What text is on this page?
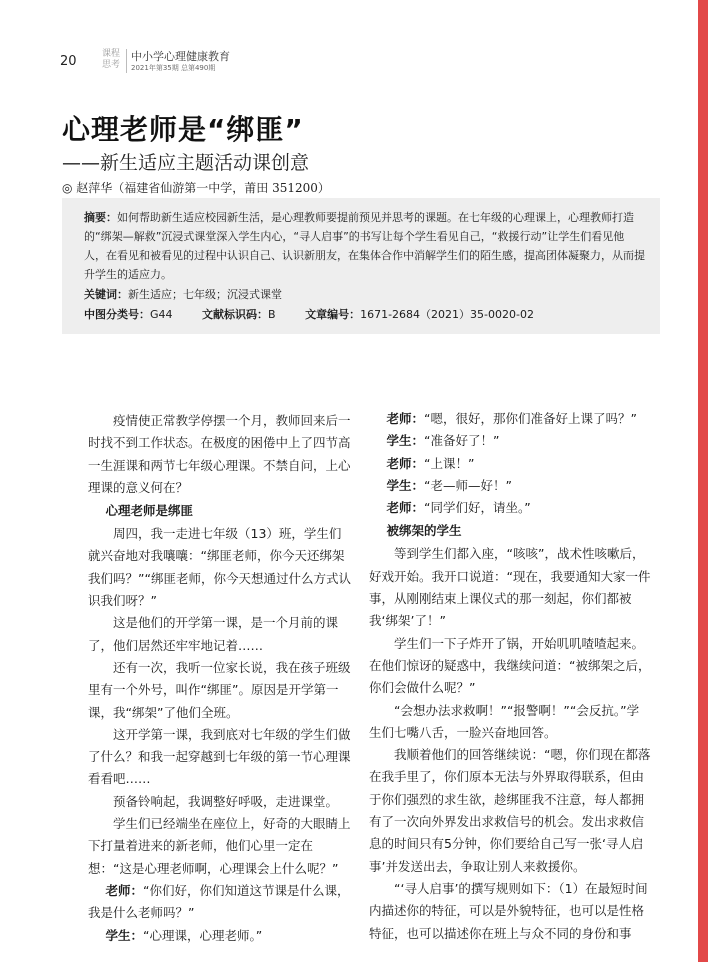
20	课程思考
中小学心理健康教育
2021年第35期 总第490期
心理老师是“绑匪”
——新生适应主题活动课创意
◎ 赵萍华（福建省仙游第一中学，莆田 351200）
摘要：如何帮助新生适应校园新生活，是心理教师要提前预见并思考的课题。在七年级的心理课上，心理教师打造的“绑架—解救”沉浸式课堂深入学生内心，“寻人启事”的书写让每个学生看见自己，“救援行动”让学生们看见他人，在看见和被看见的过程中认识自己、认识新朋友，在集体合作中消解学生们的陌生感，提高团体凝聚力，从而提升学生的适应力。
关键词：新生适应；七年级；沉浸式课堂
中图分类号：G44	文献标识码：B	文章编号：1671-2684（2021）35-0020-02

疫情使正常教学停摆一个月，教师回来后一时找不到工作状态。在极度的困倦中上了四节高一生涯课和两节七年级心理课。不禁自问，上心理课的意义何在？

心理老师是绑匪

周四，我一走进七年级（13）班，学生们就兴奋地对我嚷嚷：“绑匪老师，你今天还绑架我们吗？”“绑匪老师，你今天想通过什么方式认识我们呀？”

这是他们的开学第一课，是一个月前的课了，他们居然还牢牢地记着……

还有一次，我听一位家长说，我在孩子班级里有一个外号，叫作“绑匪”。原因是开学第一课，我“绑架”了他们全班。

这开学第一课，我到底对七年级的学生们做了什么？和我一起穿越到七年级的第一节心理课看看吧……

预备铃响起，我调整好呼吸，走进课堂。

学生们已经端坐在座位上，好奇的大眼睛上下打量着进来的新老师，他们心里一定在想：“这是心理老师啊，心理课会上什么呢？”

老师：“你们好，你们知道这节课是什么课，我是什么老师吗？”

学生：“心理课，心理老师。”

老师：“嗯，很好，那你们准备好上课了吗？”

学生：“准备好了！”

老师：“上课！”

学生：“老—师—好！”

老师：“同学们好，请坐。”

被绑架的学生

等到学生们都入座，“咳咳”，战术性咳嗽后，好戏开始。我开口说道：“现在，我要通知大家一件事，从刚刚结束上课仪式的那一刻起，你们都被我‘绑架’了！”

学生们一下子炸开了锅，开始叽叽喳喳起来。在他们惊讶的疑惑中，我继续问道：“被绑架之后，你们会做什么呢？”

“会想办法求救啊！”“报警啊！”“会反抗。”学生们七嘴八舌，一脸兴奋地回答。

我顺着他们的回答继续说：“嗯，你们现在都落在我手里了，你们原本无法与外界取得联系，但由于你们强烈的求生欲，趁绑匪我不注意，每人都拥有了一次向外界发出求救信号的机会。发出求救信息的时间只有5分钟，你们要给自己写一张‘寻人启事’并发送出去，争取让别人来救援你。

“‘寻人启事’的撰写规则如下：（1）在最短时间内描述你的特征，可以是外貌特征，也可以是性格特征，也可以描述你在班上与众不同的身份和事
